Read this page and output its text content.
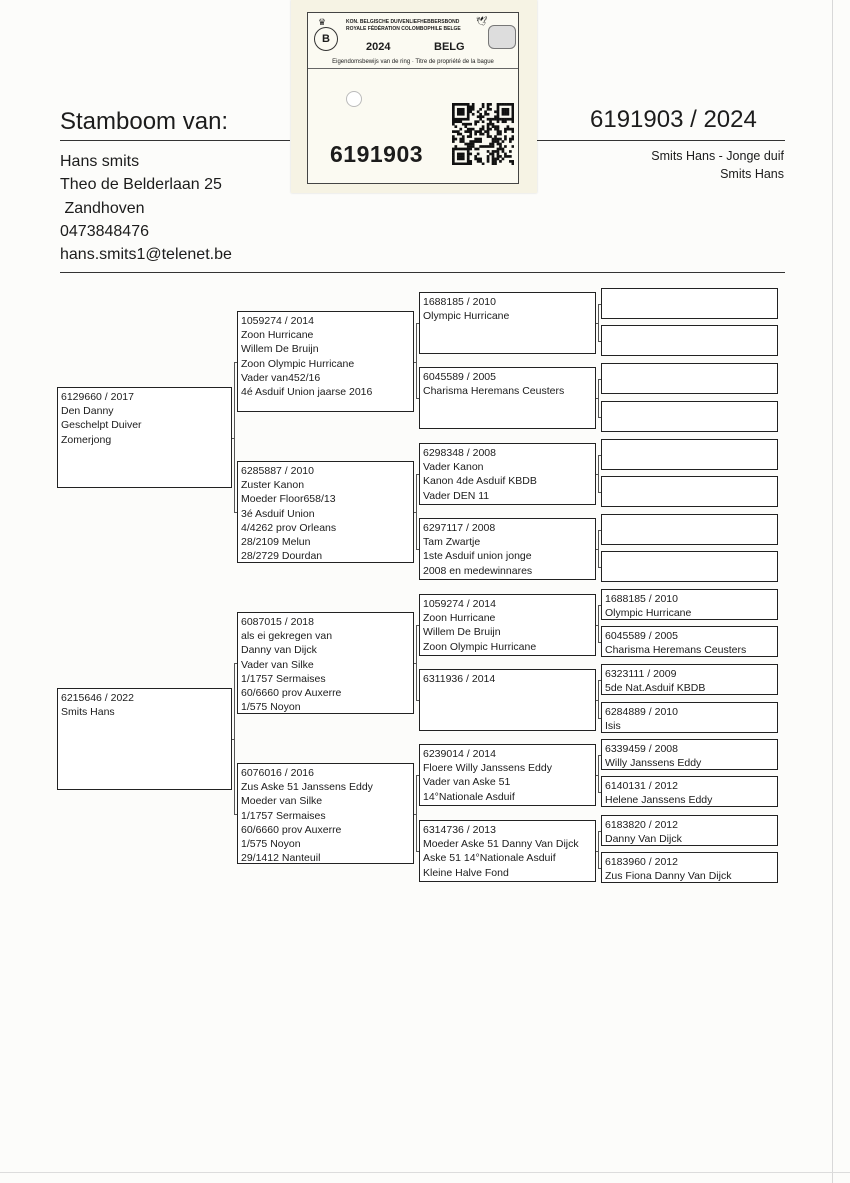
Stamboom van:	6191903 / 2024
Hans smits
Theo de Belderlaan 25
Zandhoven
0473848476
hans.smits1@telenet.be
Smits Hans - Jonge duif
Smits Hans
♛
B
KON. BELGISCHE DUIVENLIEFHEBBERSBOND
ROYALE FÉDÉRATION COLOMBOPHILE BELGE
🕊
2024	BELG
Eigendomsbewijs van de ring · Titre de propriété de la bague
6191903
6129660 / 2017
Den Danny
Geschelpt Duiver
Zomerjong
6215646 / 2022
Smits Hans
1059274 / 2014
Zoon Hurricane
Willem De Bruijn
Zoon Olympic Hurricane
Vader van452/16
4é Asduif Union jaarse 2016
6285887 / 2010
Zuster Kanon
Moeder Floor658/13
3é Asduif Union
4/4262 prov Orleans
28/2109 Melun
28/2729 Dourdan
6087015 / 2018
als ei gekregen van
Danny van Dijck
Vader van Silke
1/1757 Sermaises
60/6660 prov Auxerre
1/575 Noyon
6076016 / 2016
Zus Aske 51 Janssens Eddy
Moeder van Silke
1/1757 Sermaises
60/6660 prov Auxerre
1/575 Noyon
29/1412 Nanteuil
1688185 / 2010
Olympic Hurricane
6045589 / 2005
Charisma Heremans Ceusters
6298348 / 2008
Vader Kanon
Kanon 4de Asduif KBDB
Vader DEN 11
6297117 / 2008
Tam Zwartje
1ste Asduif union jonge
2008 en medewinnares
1059274 / 2014
Zoon Hurricane
Willem De Bruijn
Zoon Olympic Hurricane
6311936 / 2014
6239014 / 2014
Floere Willy Janssens Eddy
Vader van Aske 51
14°Nationale Asduif
6314736 / 2013
Moeder Aske 51 Danny Van Dijck
Aske 51 14°Nationale Asduif
Kleine Halve Fond
1688185 / 2010
Olympic Hurricane
6045589 / 2005
Charisma Heremans Ceusters
6323111 / 2009
5de Nat.Asduif KBDB
6284889 / 2010
Isis
6339459 / 2008
Willy Janssens Eddy
6140131 / 2012
Helene Janssens Eddy
6183820 / 2012
Danny Van Dijck
6183960 / 2012
Zus Fiona Danny Van Dijck
